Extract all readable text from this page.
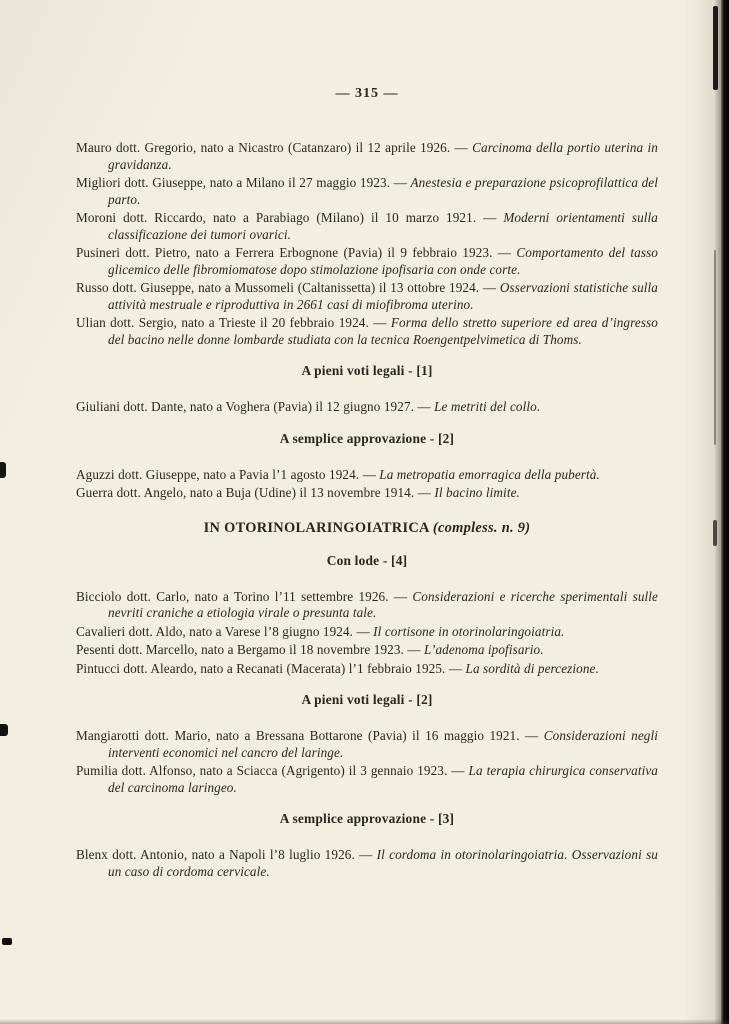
— 315 —

Mauro dott. Gregorio, nato a Nicastro (Catanzaro) il 12 aprile 1926. — Carcinoma della portio uterina in gravidanza.

Migliori dott. Giuseppe, nato a Milano il 27 maggio 1923. — Anestesia e preparazione psicoprofilattica del parto.

Moroni dott. Riccardo, nato a Parabiago (Milano) il 10 marzo 1921. — Moderni orientamenti sulla classificazione dei tumori ovarici.

Pusineri dott. Pietro, nato a Ferrera Erbognone (Pavia) il 9 febbraio 1923. — Comportamento del tasso glicemico delle fibromiomatose dopo stimolazione ipofisaria con onde corte.

Russo dott. Giuseppe, nato a Mussomeli (Caltanissetta) il 13 ottobre 1924. — Osservazioni statistiche sulla attività mestruale e riproduttiva in 2661 casi di miofibroma uterino.

Ulian dott. Sergio, nato a Trieste il 20 febbraio 1924. — Forma dello stretto superiore ed area d’ingresso del bacino nelle donne lombarde studiata con la tecnica Roengentpelvimetica di Thoms.

A pieni voti legali - [1]

Giuliani dott. Dante, nato a Voghera (Pavia) il 12 giugno 1927. — Le metriti del collo.

A semplice approvazione - [2]

Aguzzi dott. Giuseppe, nato a Pavia l’1 agosto 1924. — La metropatia emorragica della pubertà.

Guerra dott. Angelo, nato a Buja (Udine) il 13 novembre 1914. — Il bacino limite.

IN OTORINOLARINGOIATRICA (compless. n. 9)
Con lode - [4]

Bicciolo dott. Carlo, nato a Torino l’11 settembre 1926. — Considerazioni e ricerche sperimentali sulle nevriti craniche a etiologia virale o presunta tale.

Cavalieri dott. Aldo, nato a Varese l’8 giugno 1924. — Il cortisone in otorinolaringoiatria.

Pesenti dott. Marcello, nato a Bergamo il 18 novembre 1923. — L’adenoma ipofisario.

Pintucci dott. Aleardo, nato a Recanati (Macerata) l’1 febbraio 1925. — La sordità di percezione.

A pieni voti legali - [2]

Mangiarotti dott. Mario, nato a Bressana Bottarone (Pavia) il 16 maggio 1921. — Considerazioni negli interventi economici nel cancro del laringe.

Pumilia dott. Alfonso, nato a Sciacca (Agrigento) il 3 gennaio 1923. — La terapia chirurgica conservativa del carcinoma laringeo.

A semplice approvazione - [3]

Blenx dott. Antonio, nato a Napoli l’8 luglio 1926. — Il cordoma in otorinolaringoiatria. Osservazioni su un caso di cordoma cervicale.
